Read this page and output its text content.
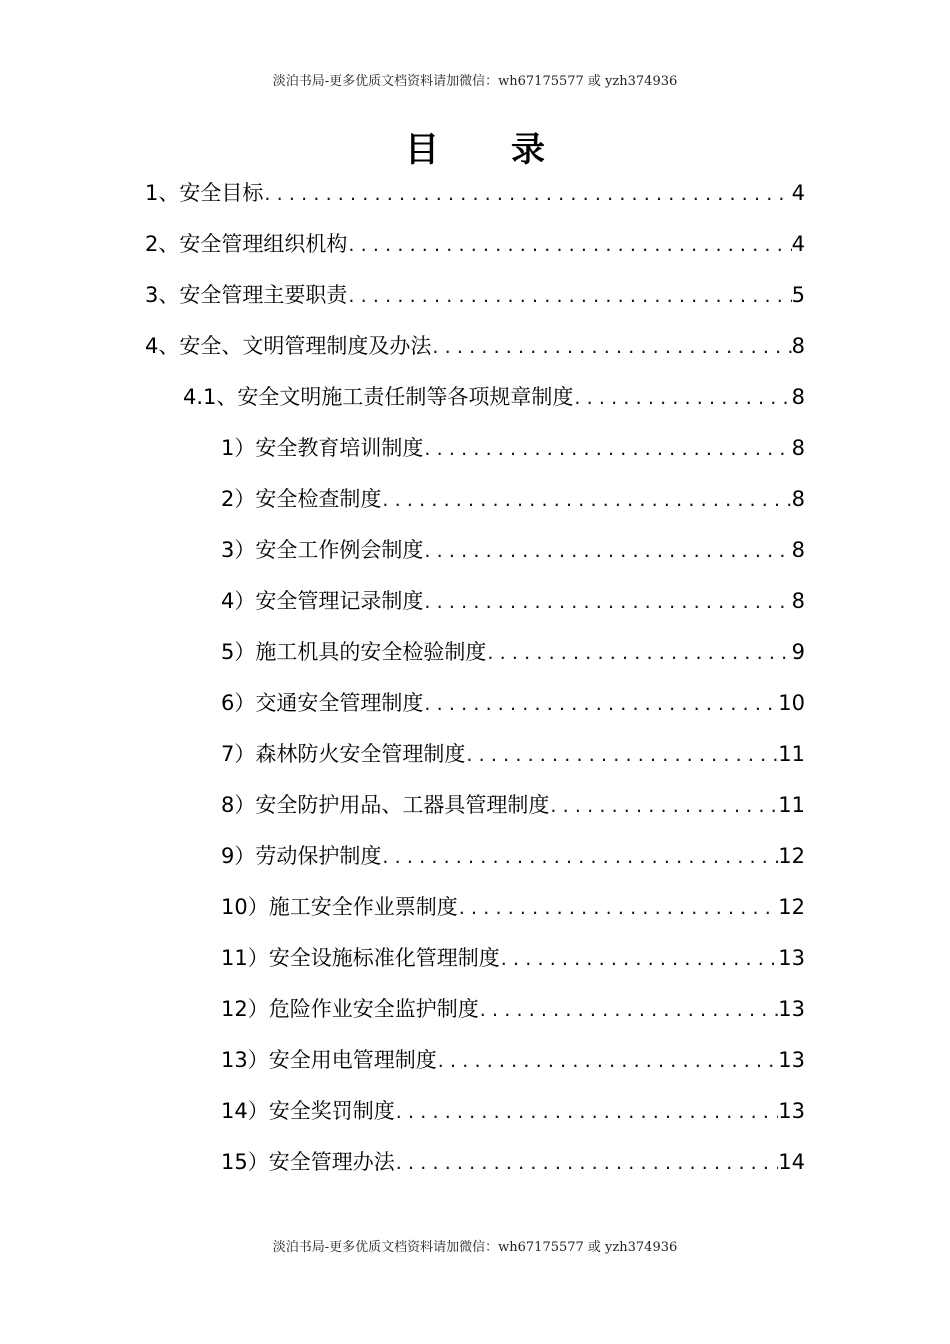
淡泊书局-更多优质文档资料请加微信：wh67175577 或 yzh374936
目录
1、安全目标 .....	4
2、安全管理组织机构 .....	4
3、安全管理主要职责 .....	5
4、安全、文明管理制度及办法 .....	8
4.1、安全文明施工责任制等各项规章制度 .....	8
1）安全教育培训制度 .....	8
2）安全检查制度 .....	8
3）安全工作例会制度 .....	8
4）安全管理记录制度 .....	8
5）施工机具的安全检验制度 .....	9
6）交通安全管理制度 .....	10
7）森林防火安全管理制度 .....	11
8）安全防护用品、工器具管理制度 .....	11
9）劳动保护制度 .....	12
10）施工安全作业票制度 .....	12
11）安全设施标准化管理制度 .....	13
12）危险作业安全监护制度 .....	13
13）安全用电管理制度 .....	13
14）安全奖罚制度 .....	13
15）安全管理办法 .....	14
淡泊书局-更多优质文档资料请加微信：wh67175577 或 yzh374936
